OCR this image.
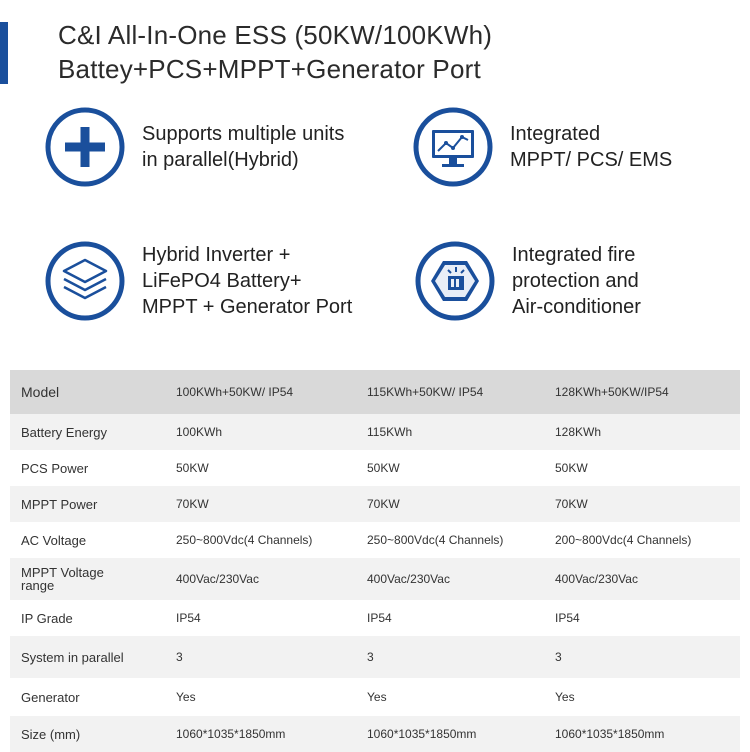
C&I All-In-One ESS (50KW/100KWh)
Battey+PCS+MPPT+Generator Port
Supports multiple units
in parallel(Hybrid)
Integrated
MPPT/ PCS/ EMS
Hybrid Inverter +
LiFePO4 Battery+
MPPT + Generator Port
Integrated fire
protection and
Air-conditioner
Model	100KWh+50KW/ IP54	115KWh+50KW/ IP54	128KWh+50KW/IP54
Battery Energy	100KWh	115KWh	128KWh
PCS Power	50KW	50KW	50KW
MPPT Power	70KW	70KW	70KW
AC Voltage	250~800Vdc(4 Channels)	250~800Vdc(4 Channels)	200~800Vdc(4 Channels)

MPPT Voltage
range	400Vac/230Vac	400Vac/230Vac	400Vac/230Vac
IP Grade	IP54	IP54	IP54
System in parallel	3	3	3
Generator	Yes	Yes	Yes
Size (mm)	1060*1035*1850mm	1060*1035*1850mm	1060*1035*1850mm
